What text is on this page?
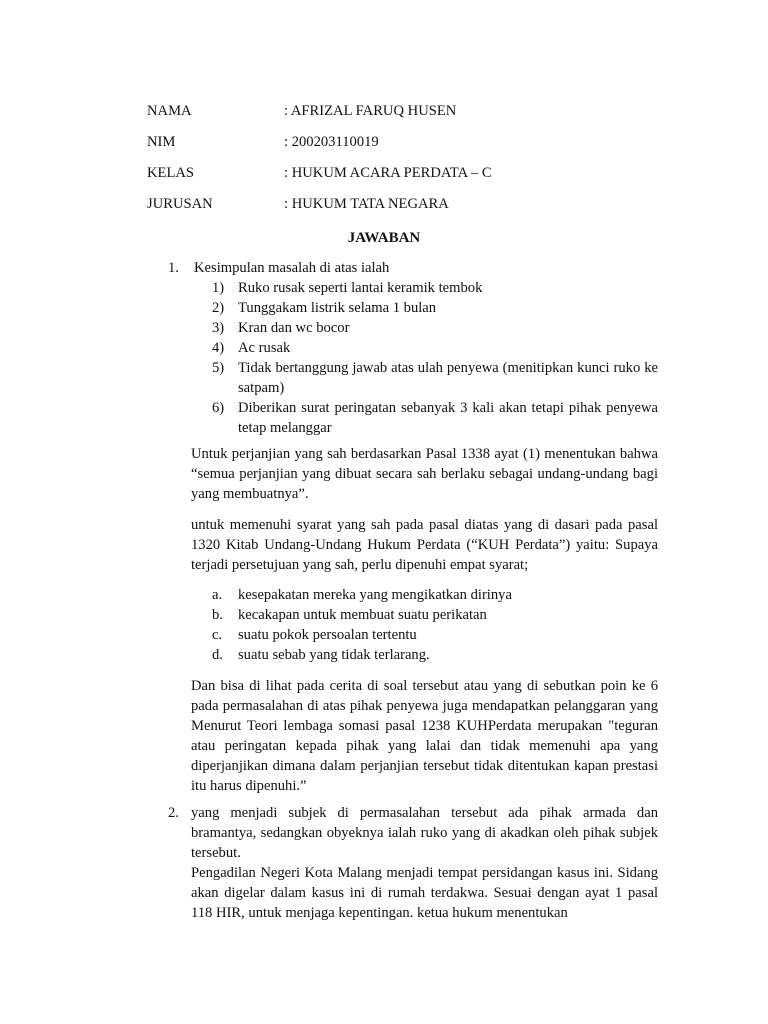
NAMA	: AFRIZAL FARUQ HUSEN
NIM	: 200203110019
KELAS	: HUKUM ACARA PERDATA – C
JURUSAN	: HUKUM TATA NEGARA
JAWABAN
1.	Kesimpulan masalah di atas ialah
1) Ruko rusak seperti lantai keramik tembok
2) Tunggakam listrik selama 1 bulan
3) Kran dan wc bocor
4) Ac rusak
5) Tidak bertanggung jawab atas ulah penyewa (menitipkan kunci ruko ke satpam)
6) Diberikan surat peringatan sebanyak 3 kali akan tetapi pihak penyewa tetap melanggar

Untuk perjanjian yang sah berdasarkan Pasal 1338 ayat (1) menentukan bahwa “semua perjanjian yang dibuat secara sah berlaku sebagai undang-undang bagi yang membuatnya”.

untuk memenuhi syarat yang sah pada pasal diatas yang di dasari pada pasal 1320 Kitab Undang-Undang Hukum Perdata (“KUH Perdata”) yaitu: Supaya terjadi persetujuan yang sah, perlu dipenuhi empat syarat;

a.	kesepakatan mereka yang mengikatkan dirinya
b.	kecakapan untuk membuat suatu perikatan
c.	suatu pokok persoalan tertentu
d.	suatu sebab yang tidak terlarang.

Dan bisa di lihat pada cerita di soal tersebut atau yang di sebutkan poin ke 6 pada permasalahan di atas pihak penyewa juga mendapatkan pelanggaran yang Menurut Teori lembaga somasi pasal 1238 KUHPerdata merupakan "teguran atau peringatan kepada pihak yang lalai dan tidak memenuhi apa yang diperjanjikan dimana dalam perjanjian tersebut tidak ditentukan kapan prestasi itu harus dipenuhi.”

2. yang menjadi subjek di permasalahan tersebut ada pihak armada dan bramantya, sedangkan obyeknya ialah ruko yang di akadkan oleh pihak subjek tersebut.

Pengadilan Negeri Kota Malang menjadi tempat persidangan kasus ini. Sidang akan digelar dalam kasus ini di rumah terdakwa. Sesuai dengan ayat 1 pasal 118 HIR, untuk menjaga kepentingan. ketua hukum menentukan
